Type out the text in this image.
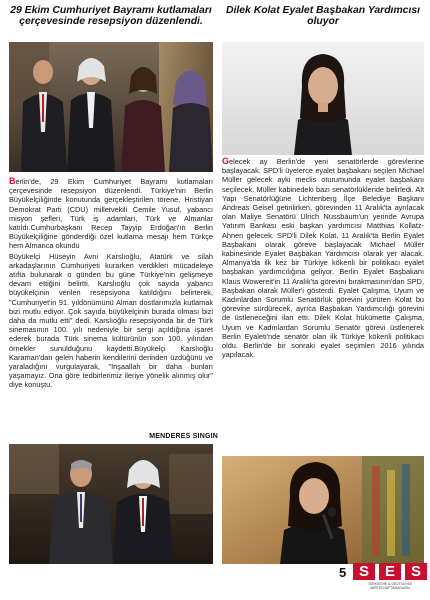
29 Ekim Cumhuriyet Bayramı kutlamaları çerçevesinde resepsiyon düzenlendi.
Dilek Kolat Eyalet Başbakan Yardımcısı oluyor

Berlin'de, 29 Ekim Cumhuriyet Bayramı kutlamaları çerçevesinde resepsiyon düzenlendi. Türkiye'nin Berlin Büyükelçiliğinde konutunda gerçekleştirilen törene, Hristiyan Demokrat Parti (CDU) milletvekili Cemile Yusuf, yabancı misyon şefleri, Türk iş adamları, Türk ve Almanlar katıldı.Cumhurbaşkanı Recep Tayyip Erdoğan'ın Berlin Büyükelçiliğine gönderdiği özel kutlama mesajı hem Türkçe hem Almanca okundu

Büyükelçi Hüseyin Avni Karslıoğlu, Atatürk ve silah arkadaşlarının Cumhuriyeti kurarken verdikleri mücadeleye atıfta bulunarak o günden bu güne Türkiye'nin gelişmeye devam ettiğini belirtti. Karslıoğlu çok sayıda yabancı büyükelçinin verilen resepsiyona katıldığını belirterek, "Cumhuriyet'in 91. yıldönümünü Alman dostlarımızla kutlamak bizi mutlu ediyor. Çok sayıda büyükelçinin burada olması bizi daha da mutlu etti" dedi. Karslıoğlu resepsiyonda bir de Türk sinemasının 100. yılı nedeniyle bir sergi açıldığına işaret ederek burada Türk sinema kültürünün son 100. yılından örnekler sunulduğunu kaydetti.Büyükelçi Karslıoğlu Karaman'dan gelen haberin kendilerini derinden üzdüğünü ve yaraladığını vurgulayarak, "İnşaallah bir daha bunları yaşamayız. Ona göre tedbirlerimiz ileriye yönelik alınmış olur" diye konuştu.

MENDERES SINGIN

Gelecek ay Berlin'de yeni senatörlerde görevlerine başlayacak. SPD'li üyelerce eyalet başbakanı seçilen Michael Müller gelecek ayki meclis oturumunda eyalet başbakanı seçilecek. Müller kabinedeki bazı senatörlükleride belirledi. Alt Yapı Senatörlüğüne Lichtenberg İlçe Belediye Başkanı Andreas Geisel getirilirken, görevinden 11 Aralık'ta ayrılacak olan Maliye Senatörü Ulrich Nussbaum'un yerinde Avrupa Yatırım Bankası eski başkan yardımcısı Matthias Kollatz-Ahnen gelecek. SPD'li Dilek Kolat, 11 Aralık'ta Berlin Eyalet Başbakanı olarak göreve başlayacak Michael Müller kabinesinde Eyalet Başbakan Yardımcısı olarak yer alacak. Almanya'da ilk kez bir Türkiye kökenli bir politikacı eyalet başbakan yardımcılığına geliyor. Berlin Eyalet Başbakanı Klaus Wowereit'in 11 Aralık'ta görevini bırakmasının'dan SPD, Başbakan olarak Müller'i gösterdi. Eyalet Çalışma, Uyum ve Kadınlardan Sorumlu Senatörlük görevini yürüten Kolat bu görevine sürdürecek, ayrıca Başbakan Yardımcılığı görevini de üstleneceğini ilan etti. Dilek Kolat hükümette Çalışma, Uyum ve Kadınlardan Sorumlu Senatör görevi üstlenerek Berlin Eyaleti'nde senatör olan ilk Türkiye kökenli politikacı oldu. Berlin'de bir sonraki eyalet seçimleri 2016 yılında yapılacak.

5 S	E	S
TÜRKISCHE & DEUTSCHES WIRTSCHAFTSMAGAZIN
